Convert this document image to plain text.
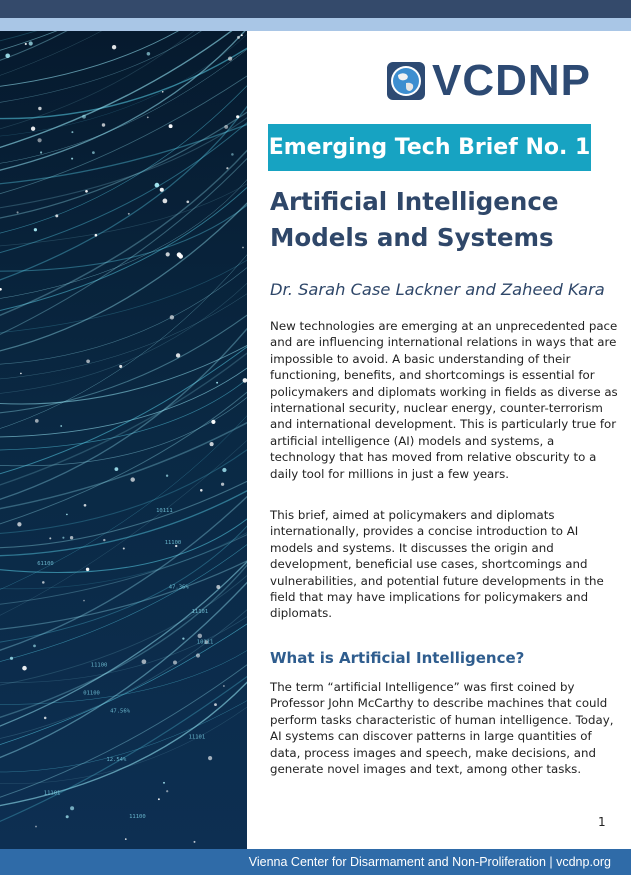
10111
11100
61100
47.36%
11101
10111
11100
01100
47.56%
11101
12.54%
11101
11100
VCDNP
Emerging Tech Brief No. 1
Artificial Intelligence Models and Systems
Dr. Sarah Case Lackner and Zaheed Kara

New technologies are emerging at an unprecedented pace and are influencing international relations in ways that are impossible to avoid. A basic understanding of their functioning, benefits, and shortcomings is essential for policymakers and diplomats working in fields as diverse as international security, nuclear energy, counter-terrorism and international development. This is particularly true for artificial intelligence (AI) models and systems, a technology that has moved from relative obscurity to a daily tool for millions in just a few years.

This brief, aimed at policymakers and diplomats internationally, provides a concise introduction to AI models and systems. It discusses the origin and development, beneficial use cases, shortcomings and vulnerabilities, and potential future developments in the field that may have implications for policymakers and diplomats.

What is Artificial Intelligence?

The term “artificial Intelligence” was first coined by Professor John McCarthy to describe machines that could perform tasks characteristic of human intelligence. Today, AI systems can discover patterns in large quantities of data, process images and speech, make decisions, and generate novel images and text, among other tasks.

1
Vienna Center for Disarmament and Non-Proliferation | vcdnp.org
